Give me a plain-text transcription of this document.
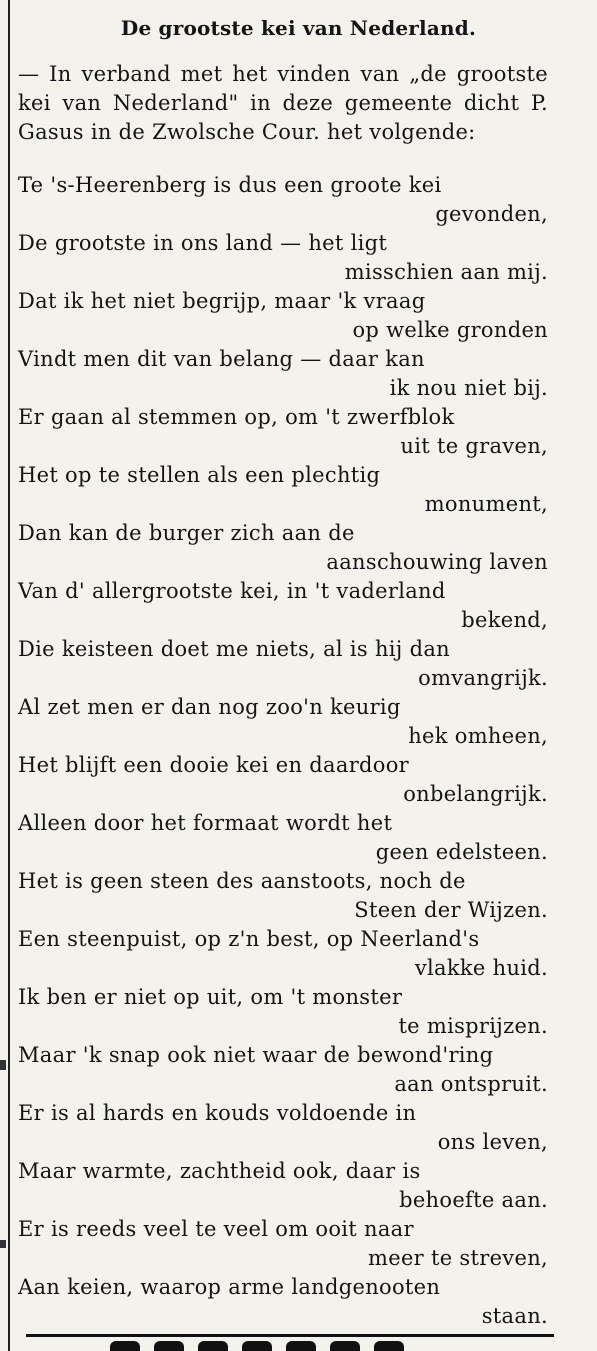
De grootste kei van Nederland.
— In verband met het vinden van „de grootste kei van Nederland" in deze gemeente dicht P. Gasus in de Zwolsche Cour. het volgende:
Te 's-Heerenberg is dus een groote kei
gevonden,
De grootste in ons land — het ligt
misschien aan mij.
Dat ik het niet begrijp, maar 'k vraag
op welke gronden
Vindt men dit van belang — daar kan
ik nou niet bij.
Er gaan al stemmen op, om 't zwerfblok
uit te graven,
Het op te stellen als een plechtig
monument,
Dan kan de burger zich aan de
aanschouwing laven
Van d' allergrootste kei, in 't vaderland
bekend,
Die keisteen doet me niets, al is hij dan
omvangrijk.
Al zet men er dan nog zoo'n keurig
hek omheen,
Het blijft een dooie kei en daardoor
onbelangrijk.
Alleen door het formaat wordt het
geen edelsteen.
Het is geen steen des aanstoots, noch de
Steen der Wijzen.
Een steenpuist, op z'n best, op Neerland's
vlakke huid.
Ik ben er niet op uit, om 't monster
te misprijzen.
Maar 'k snap ook niet waar de bewond'ring
aan ontspruit.
Er is al hards en kouds voldoende in
ons leven,
Maar warmte, zachtheid ook, daar is
behoefte aan.
Er is reeds veel te veel om ooit naar
meer te streven,
Aan keien, waarop arme landgenooten
staan.
